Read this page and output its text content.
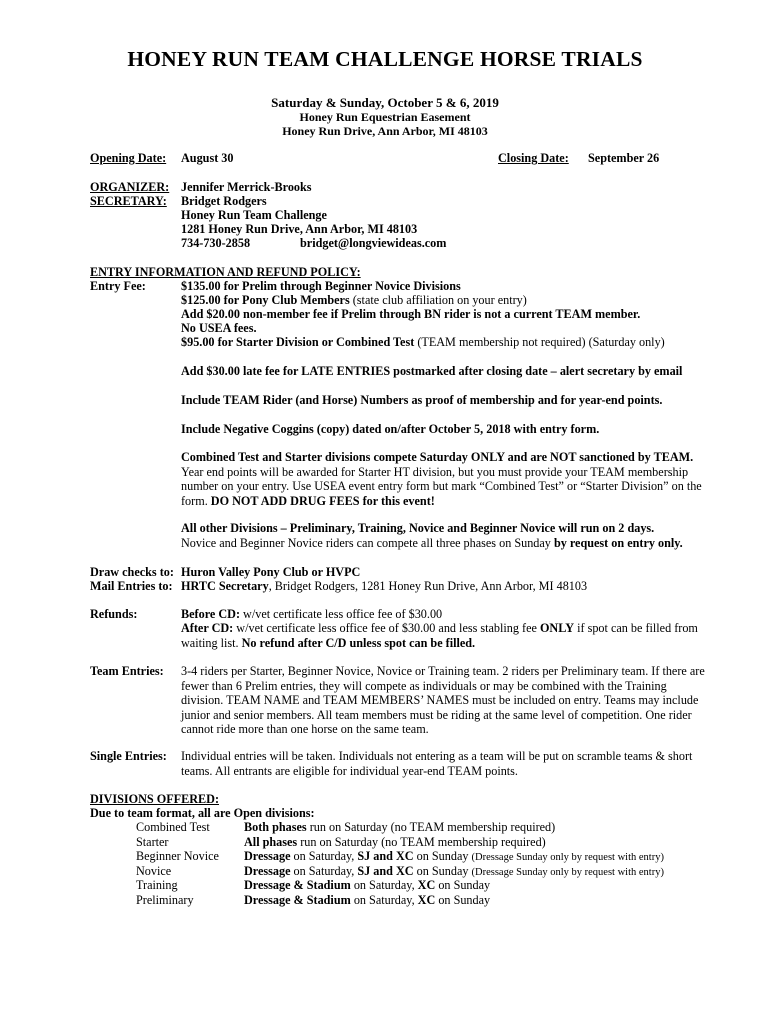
HONEY RUN TEAM CHALLENGE HORSE TRIALS
Saturday & Sunday, October 5 & 6, 2019
Honey Run Equestrian Easement
Honey Run Drive, Ann Arbor, MI 48103
Opening Date: August 30	Closing Date: September 26
ORGANIZER: Jennifer Merrick-Brooks
SECRETARY: Bridget Rodgers
Honey Run Team Challenge
1281 Honey Run Drive, Ann Arbor, MI 48103
734-730-2858	bridget@longviewideas.com
ENTRY INFORMATION AND REFUND POLICY:
Entry Fee:	$135.00 for Prelim through Beginner Novice Divisions
$125.00 for Pony Club Members (state club affiliation on your entry)
Add $20.00 non-member fee if Prelim through BN rider is not a current TEAM member.
No USEA fees.
$95.00 for Starter Division or Combined Test (TEAM membership not required) (Saturday only)
Add $30.00 late fee for LATE ENTRIES postmarked after closing date – alert secretary by email
Include TEAM Rider (and Horse) Numbers as proof of membership and for year-end points.
Include Negative Coggins (copy) dated on/after October 5, 2018 with entry form.
Combined Test and Starter divisions compete Saturday ONLY and are NOT sanctioned by TEAM. Year end points will be awarded for Starter HT division, but you must provide your TEAM membership number on your entry. Use USEA event entry form but mark “Combined Test” or “Starter Division” on the form. DO NOT ADD DRUG FEES for this event!
All other Divisions – Preliminary, Training, Novice and Beginner Novice will run on 2 days.
Novice and Beginner Novice riders can compete all three phases on Sunday by request on entry only.
Draw checks to: Huron Valley Pony Club or HVPC
Mail Entries to: HRTC Secretary, Bridget Rodgers, 1281 Honey Run Drive, Ann Arbor, MI 48103
Refunds:	Before CD: w/vet certificate less office fee of $30.00
After CD: w/vet certificate less office fee of $30.00 and less stabling fee ONLY if spot can be filled from waiting list. No refund after C/D unless spot can be filled.
Team Entries: 3-4 riders per Starter, Beginner Novice, Novice or Training team. 2 riders per Preliminary team. If there are fewer than 6 Prelim entries, they will compete as individuals or may be combined with the Training division. TEAM NAME and TEAM MEMBERS’ NAMES must be included on entry. Teams may include junior and senior members. All team members must be riding at the same level of competition. One rider cannot ride more than one horse on the same team.
Single Entries: Individual entries will be taken. Individuals not entering as a team will be put on scramble teams & short teams. All entrants are eligible for individual year-end TEAM points.
DIVISIONS OFFERED:
Due to team format, all are Open divisions:
Combined Test	Both phases run on Saturday (no TEAM membership required)
Starter	All phases run on Saturday (no TEAM membership required)
Beginner Novice Dressage on Saturday, SJ and XC on Sunday (Dressage Sunday only by request with entry)
Novice	Dressage on Saturday, SJ and XC on Sunday (Dressage Sunday only by request with entry)
Training	Dressage & Stadium on Saturday, XC on Sunday
Preliminary	Dressage & Stadium on Saturday, XC on Sunday
